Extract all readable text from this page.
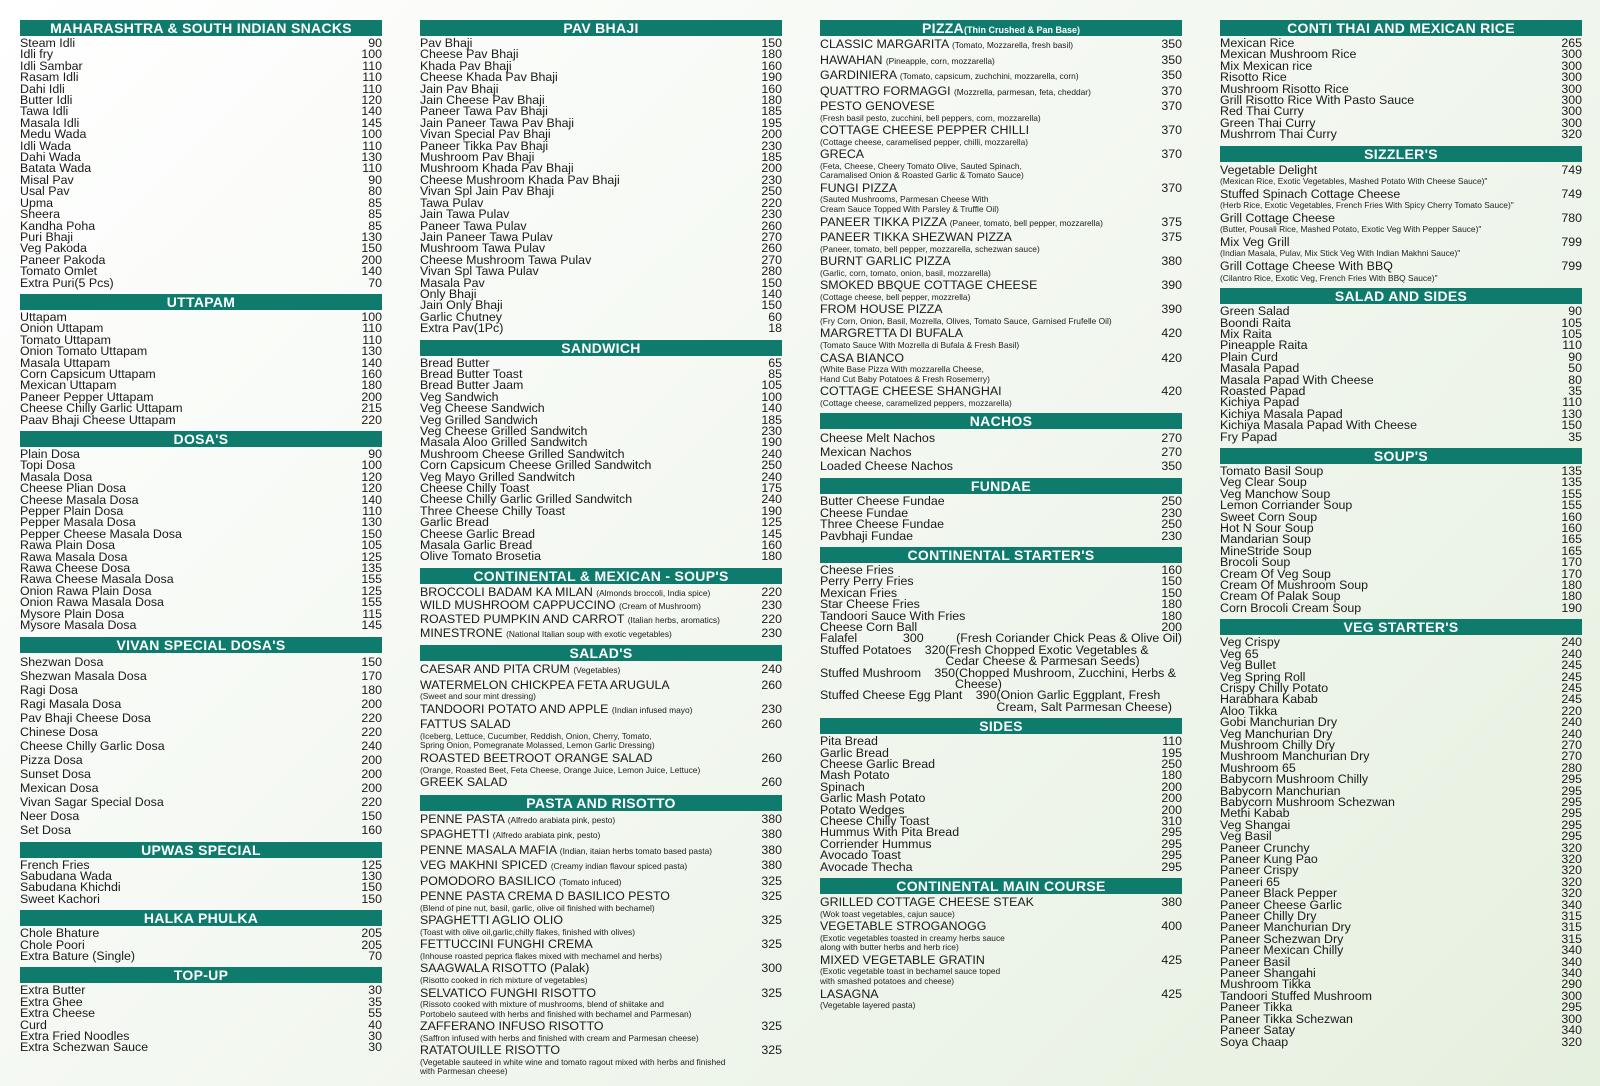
MAHARASHTRA & SOUTH INDIAN SNACKS
Steam Idli	90
Idli fry	100
Idli Sambar	110
Rasam Idli	110
Dahi Idli	110
Butter Idli	120
Tawa Idli	140
Masala Idli	145
Medu Wada	100
Idli Wada	110
Dahi Wada	130
Batata Wada	110
Misal Pav	90
Usal Pav	80
Upma	85
Sheera	85
Kandha Poha	85
Puri Bhaji	130
Veg Pakoda	150
Paneer Pakoda	200
Tomato Omlet	140
Extra Puri(5 Pcs)	70
UTTAPAM
Uttapam	100
Onion Uttapam	110
Tomato Uttapam	110
Onion Tomato Uttapam	130
Masala Uttapam	140
Corn Capsicum Uttapam	160
Mexican Uttapam	180
Paneer Pepper Uttapam	200
Cheese Chilly Garlic Uttapam	215
Paav Bhaji Cheese Uttapam	220
DOSA'S
Plain Dosa	90
Topi Dosa	100
Masala Dosa	120
Cheese Plian Dosa	120
Cheese Masala Dosa	140
Pepper Plain Dosa	110
Pepper Masala Dosa	130
Pepper Cheese Masala Dosa	150
Rawa Plain Dosa	105
Rawa Masala Dosa	125
Rawa Cheese Dosa	135
Rawa Cheese Masala Dosa	155
Onion Rawa Plain Dosa	125
Onion Rawa Masala Dosa	155
Mysore Plain Dosa	115
Mysore Masala Dosa	145
VIVAN SPECIAL DOSA'S
Shezwan Dosa	150
Shezwan Masala Dosa	170
Ragi Dosa	180
Ragi Masala Dosa	200
Pav Bhaji Cheese Dosa	220
Chinese Dosa	220
Cheese Chilly Garlic Dosa	240
Pizza Dosa	200
Sunset Dosa	200
Mexican Dosa	200
Vivan Sagar Special Dosa	220
Neer Dosa	150
Set Dosa	160
UPWAS SPECIAL
French Fries	125
Sabudana Wada	130
Sabudana Khichdi	150
Sweet Kachori	150
HALKA PHULKA
Chole Bhature	205
Chole Poori	205
Extra Bature (Single)	70
TOP-UP
Extra Butter	30
Extra Ghee	35
Extra Cheese	55
Curd	40
Extra Fried Noodles	30
Extra Schezwan Sauce	30
PAV BHAJI
Pav Bhaji	150
Cheese Pav Bhaji	180
Khada Pav Bhaji	160
Cheese Khada Pav Bhaji	190
Jain Pav Bhaji	160
Jain Cheese Pav Bhaji	180
Paneer Tawa Pav Bhaji	185
Jain Paneer Tawa Pav Bhaji	195
Vivan Special Pav Bhaji	200
Paneer Tikka Pav Bhaji	230
Mushroom Pav Bhaji	185
Mushroom Khada Pav Bhaji	200
Cheese Mushroom Khada Pav Bhaji	230
Vivan Spl Jain Pav Bhaji	250
Tawa Pulav	220
Jain Tawa Pulav	230
Paneer Tawa Pulav	260
Jain Paneer Tawa Pulav	270
Mushroom Tawa Pulav	260
Cheese Mushroom Tawa Pulav	270
Vivan Spl Tawa Pulav	280
Masala Pav	150
Only Bhaji	140
Jain Only Bhaji	150
Garlic Chutney	60
Extra Pav(1Pc)	18
SANDWICH
Bread Butter	65
Bread Butter Toast	85
Bread Butter Jaam	105
Veg Sandwich	100
Veg Cheese Sandwich	140
Veg Grilled Sandwich	185
Veg Cheese Grilled Sandwitch	230
Masala Aloo Grilled Sandwitch	190
Mushroom Cheese Grilled Sandwitch	240
Corn Capsicum Cheese Grilled Sandwitch	250
Veg Mayo Grilled Sandwitch	240
Cheese Chilly Toast	175
Cheese Chilly Garlic Grilled Sandwitch	240
Three Cheese Chilly Toast	190
Garlic Bread	125
Cheese Garlic Bread	145
Masala Garlic Bread	160
Olive Tomato Brosetia	180
CONTINENTAL & MEXICAN - SOUP'S
BROCCOLI BADAM KA MILAN (Almonds broccoli, India spice)	220
WILD MUSHROOM CAPPUCCINO (Cream of Mushroom)	230
ROASTED PUMPKIN AND CARROT (Italian herbs, aromatics)	220
MINESTRONE (National Italian soup with exotic vegetables)	230
SALAD'S
CAESAR AND PITA CRUM (Vegetables)	240
WATERMELON CHICKPEA FETA ARUGULA	260
(Sweet and sour mint dressing)
TANDOORI POTATO AND APPLE (Indian infused mayo)	230
FATTUS SALAD	260
(Iceberg, Lettuce, Cucumber, Reddish, Onion, Cherry, Tomato,
Spring Onion, Pomegranate Molassed, Lemon Garlic Dressing)
ROASTED BEETROOT ORANGE SALAD	260
(Orange, Roasted Beet, Feta Cheese, Orange Juice, Lemon Juice, Lettuce)
GREEK SALAD	260
PASTA AND RISOTTO
PENNE PASTA (Alfredo arabiata pink, pesto)	380
SPAGHETTI (Alfredo arabiata pink, pesto)	380
PENNE MASALA MAFIA (Indian, itaian herbs tomato based pasta)	380
VEG MAKHNI SPICED (Creamy indian flavour spiced pasta)	380
POMODORO BASILICO (Tomato infuced)	325
PENNE PASTA CREMA D BASILICO PESTO	325
(Blend of pine nut, basil, garlic, olive oil finished with bechamel)
SPAGHETTI AGLIO OLIO	325
(Toast with olive oil,garlic,chilly flakes, finished with olives)
FETTUCCINI FUNGHI CREMA	325
(Inhouse roasted peprica flakes mixed with mechamel and herbs)
SAAGWALA RISOTTO (Palak)	300
(Risotto cooked in rich mixture of vegetables)
SELVATICO FUNGHI RISOTTO	325
(Rissoto cooked with mixture of mushrooms, blend of shiitake and
Portobelo sauteed with herbs and finished with bechamel and Parmesan)
ZAFFERANO INFUSO RISOTTO	325
(Saffron infused with herbs and finished with cream and Parmesan cheese)
RATATOUILLE RISOTTO	325
(Vegetable sauteed in white wine and tomato ragout mixed with herbs and finished with Parmesan cheese)
PIZZA(Thin Crushed & Pan Base)
CLASSIC MARGARITA (Tomato, Mozzarella, fresh basil)	350
HAWAHAN (Pineapple, corn, mozzarella)	350
GARDINIERA (Tomato, capsicum, zuchchini, mozzarella, corn)	350
QUATTRO FORMAGGI (Mozzrella, parmesan, feta, cheddar)	370
PESTO GENOVESE	370
(Fresh basil pesto, zucchini, bell peppers, corn, mozzarella)
COTTAGE CHEESE PEPPER CHILLI	370
(Cottage cheese, caramelised pepper, chilli, mozzarella)
GRECA	370
(Feta, Cheese, Cheery Tomato Olive, Sauted Spinach,
Caramalised Onion & Roasted Garlic & Tomato Sauce)
FUNGI PIZZA	370
(Sauted Mushrooms, Parmesan Cheese With
Cream Sauce Topped With Parsley & Truffle Oil)
PANEER TIKKA PIZZA (Paneer, tomato, bell pepper, mozzarella)	375
PANEER TIKKA SHEZWAN PIZZA	375
(Paneer, tomato, bell pepper, mozzarella, schezwan sauce)
BURNT GARLIC PIZZA	380
(Garlic, corn, tomato, onion, basil, mozzarella)
SMOKED BBQUE COTTAGE CHEESE	390
(Cottage cheese, bell pepper, mozzrella)
FROM HOUSE PIZZA	390
(Fry Corn, Onion, Basil, Mozrella, Olives, Tomato Sauce, Garnised Frufelle Oil)
MARGRETTA DI BUFALA	420
(Tomato Sauce With Mozrella di Bufala & Fresh Basil)
CASA BIANCO	420
(White Base Pizza With mozzarella Cheese,
Hand Cut Baby Potatoes & Fresh Rosemerry)
COTTAGE CHEESE SHANGHAI	420
(Cottage cheese, caramelized peppers, mozzarella)
NACHOS
Cheese Melt Nachos	270
Mexican Nachos	270
Loaded Cheese Nachos	350
FUNDAE
Butter Cheese Fundae	250
Cheese Fundae	230
Three Cheese Fundae	250
Pavbhaji Fundae	230
CONTINENTAL STARTER'S
Cheese Fries	160
Perry Perry Fries	150
Mexican Fries	150
Star Cheese Fries	180
Tandoori Sauce With Fries	180
Cheese Corn Ball	200
Falafel	300	(Fresh Coriander Chick Peas & Olive Oil)
Stuffed Potatoes	320 (Fresh Chopped Exotic Vegetables & Cedar Cheese & Parmesan Seeds)
Stuffed Mushroom	350 (Chopped Mushroom, Zucchini, Herbs & Cheese)
Stuffed Cheese Egg Plant	390 (Onion Garlic Eggplant, Fresh Cream, Salt Parmesan Cheese)
SIDES
Pita Bread	110
Garlic Bread	195
Cheese Garlic Bread	250
Mash Potato	180
Spinach	200
Garlic Mash Potato	200
Potato Wedges	200
Cheese Chilly Toast	310
Hummus With Pita Bread	295
Corriender Hummus	295
Avocado Toast	295
Avocade Thecha	295
CONTINENTAL MAIN COURSE
GRILLED COTTAGE CHEESE STEAK	380
(Wok toast vegetables, cajun sauce)
VEGETABLE STROGANOGG	400
(Exotic vegetables toasted in creamy herbs sauce
along with butter herbs and herb rice)
MIXED VEGETABLE GRATIN	425
(Exotic vegetable toast in bechamel sauce toped
with smashed potatoes and cheese)
LASAGNA	425
(Vegetable layered pasta)
CONTI THAI AND MEXICAN RICE
Mexican Rice	265
Mexican Mushroom Rice	300
Mix Mexican rice	300
Risotto Rice	300
Mushroom Risotto Rice	300
Grill Risotto Rice With Pasto Sauce	300
Red Thai Curry	300
Green Thai Curry	300
Mushrrom Thai Curry	320
SIZZLER'S
Vegetable Delight	749
(Mexican Rice, Exotic Vegetables, Mashed Potato With Cheese Sauce)"
Stuffed Spinach Cottage Cheese	749
(Herb Rice, Exotic Vegetables, French Fries With Spicy Cherry Tomato Sauce)"
Grill Cottage Cheese	780
(Butter, Pousali Rice, Mashed Potato, Exotic Veg With Pepper Sauce)"
Mix Veg Grill	799
(Indian Masala, Pulav, Mix Stick Veg With Indian Makhni Sauce)"
Grill Cottage Cheese With BBQ	799
(Cilantro Rice, Exotic Veg, French Fries With BBQ Sauce)"
SALAD AND SIDES
Green Salad	90
Boondi Raita	105
Mix Raita	105
Pineapple Raita	110
Plain Curd	90
Masala Papad	50
Masala Papad With Cheese	80
Roasted Papad	35
Kichiya Papad	110
Kichiya Masala Papad	130
Kichiya Masala Papad With Cheese	150
Fry Papad	35
SOUP'S
Tomato Basil Soup	135
Veg Clear Soup	135
Veg Manchow Soup	155
Lemon Corriander Soup	155
Sweet Corn Soup	160
Hot N Sour Soup	160
Mandarian Soup	165
MineStride Soup	165
Brocoli Soup	170
Cream Of Veg Soup	170
Cream Of Mushroom Soup	180
Cream Of Palak Soup	180
Corn Brocoli Cream Soup	190
VEG STARTER'S
Veg Crispy	240
Veg 65	240
Veg Bullet	245
Veg Spring Roll	245
Crispy Chilly Potato	245
Harabhara Kabab	245
Aloo Tikka	220
Gobi Manchurian Dry	240
Veg Manchurian Dry	240
Mushroom Chilly Dry	270
Mushroom Manchurian Dry	270
Mushroom 65	280
Babycorn Mushroom Chilly	295
Babycorn Manchurian	295
Babycorn Mushroom Schezwan	295
Methi Kabab	295
Veg Shangai	295
Veg Basil	295
Paneer Crunchy	320
Paneer Kung Pao	320
Paneer Crispy	320
Paneeri 65	320
Paneer Black Pepper	320
Paneer Cheese Garlic	340
Paneer Chilly Dry	315
Paneer Manchurian Dry	315
Paneer Schezwan Dry	315
Paneer Mexican Chilly	340
Paneer Basil	340
Paneer Shangahi	340
Mushroom Tikka	290
Tandoori Stuffed Mushroom	300
Paneer Tikka	295
Paneer Tikka Schezwan	300
Paneer Satay	340
Soya Chaap	320
